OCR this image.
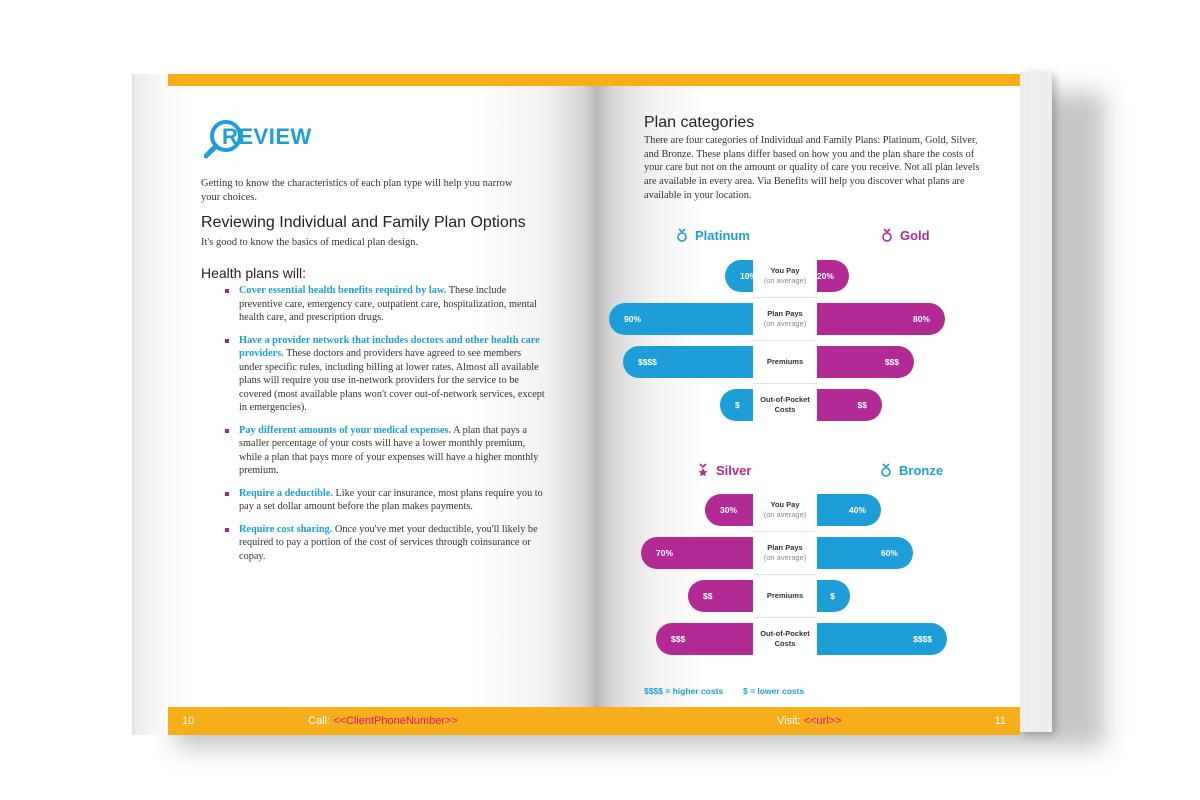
REVIEW
Getting to know the characteristics of each plan type will help you narrow your choices.
Reviewing Individual and Family Plan Options
It's good to know the basics of medical plan design.
Health plans will:
Cover essential health benefits required by law. These include preventive care, emergency care, outpatient care, hospitalization, mental health care, and prescription drugs.
Have a provider network that includes doctors and other health care providers. These doctors and providers have agreed to see members under specific rules, including billing at lower rates. Almost all available plans will require you use in-network providers for the service to be covered (most available plans won't cover out-of-network services, except in emergencies).
Pay different amounts of your medical expenses. A plan that pays a smaller percentage of your costs will have a lower monthly premium, while a plan that pays more of your expenses will have a higher monthly premium.
Require a deductible. Like your car insurance, most plans require you to pay a set dollar amount before the plan makes payments.
Require cost sharing. Once you've met your deductible, you'll likely be required to pay a portion of the cost of services through coinsurance or copay.
10	Call: <<ClientPhoneNumber>>
Plan categories
There are four categories of Individual and Family Plans: Platinum, Gold, Silver, and Bronze. These plans differ based on how you and the plan share the costs of your care but not on the amount or quality of care you receive. Not all plan levels are available in every area. Via Benefits will help you discover what plans are available in your location.
Platinum	Gold
Silver	Bronze
You Pay
(on average)
10%	20%
Plan Pays
(on average)
90%	80%
Premiums
$$$$	$$$
Out-of-Pocket
Costs
$	$$
You Pay
(on average)
30%	40%
Plan Pays
(on average)
70%	60%
Premiums
$$	$
Out-of-Pocket
Costs
$$$	$$$$
$$$$ = higher costs $ = lower costs
Visit: <<url>>	11
